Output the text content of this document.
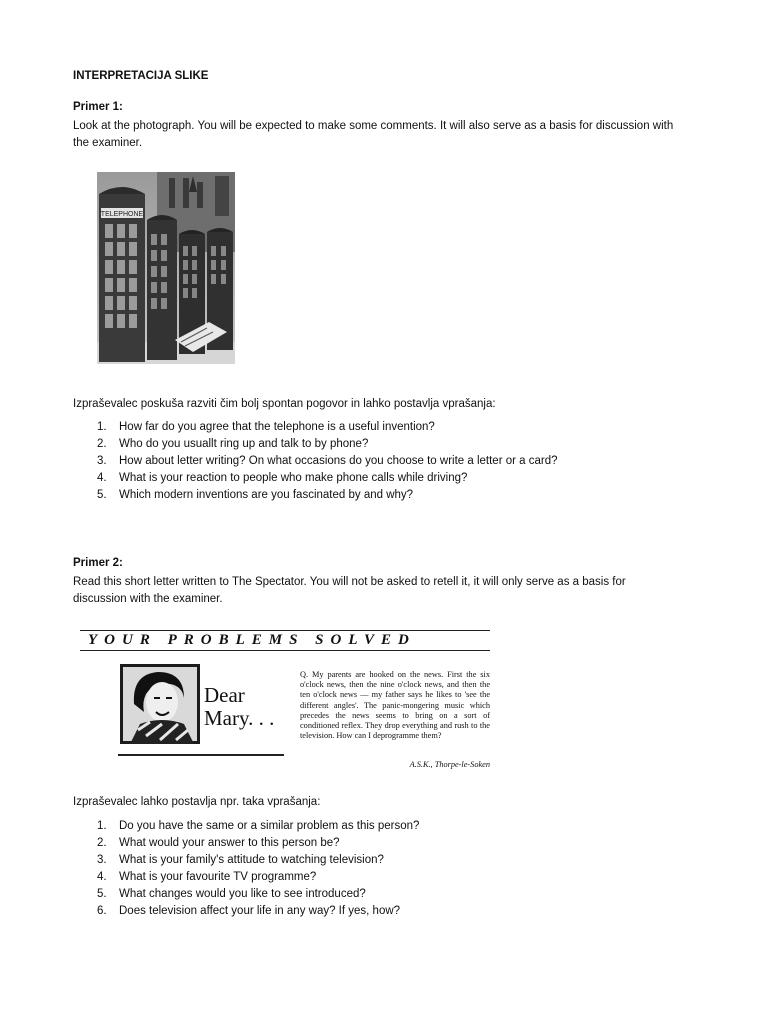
INTERPRETACIJA SLIKE
Primer 1:
Look at the photograph. You will be expected to make some comments. It will also serve as a basis for discussion with
the examiner.
TELEPHONE
Izpraševalec poskuša razviti čim bolj spontan pogovor in lahko postavlja vprašanja:
1. How far do you agree that the telephone is a useful invention?
2. Who do you usuallt ring up and talk to by phone?
3. How about letter writing? On what occasions do you choose to write a letter or a card?
4. What is your reaction to people who make phone calls while driving?
5. Which modern inventions are you fascinated by and why?
Primer 2:
Read this short letter written to The Spectator. You will not be asked to retell it, it will only serve as a basis for
discussion with the examiner.
YOUR PROBLEMS SOLVED
Dear
Mary. . .
Q. My parents are hooked on the news. First the six o'clock news, then the nine o'clock news, and then the ten o'clock news — my father says he likes to 'see the different angles'. The panic-mongering music which precedes the news seems to bring on a sort of conditioned reflex. They drop everything and rush to the television. How can I deprogramme them?
A.S.K., Thorpe-le-Soken
Izpraševalec lahko postavlja npr. taka vprašanja:
1. Do you have the same or a similar problem as this person?
2. What would your answer to this person be?
3. What is your family's attitude to watching television?
4. What is your favourite TV programme?
5. What changes would you like to see introduced?
6. Does television affect your life in any way? If yes, how?
